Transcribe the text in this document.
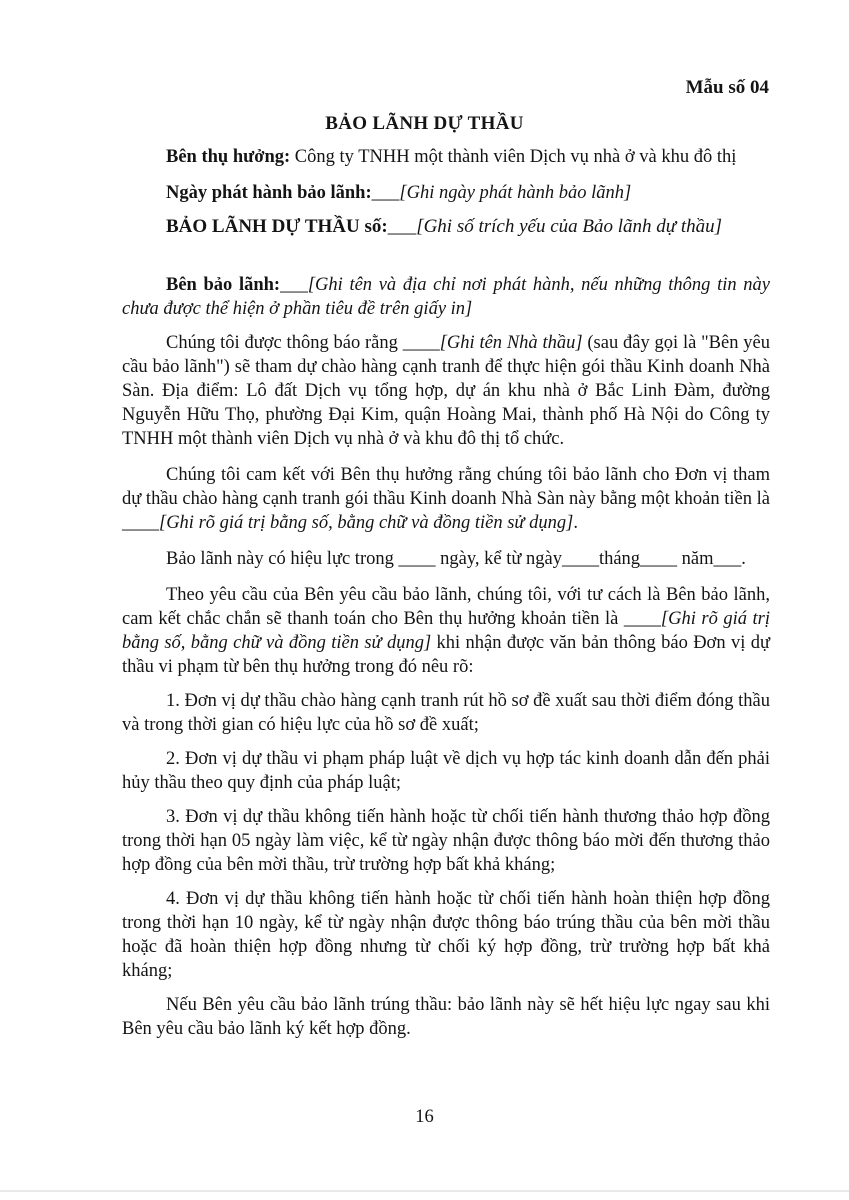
Mẫu số 04
BẢO LÃNH DỰ THẦU

Bên thụ hưởng: Công ty TNHH một thành viên Dịch vụ nhà ở và khu đô thị

Ngày phát hành bảo lãnh:___[Ghi ngày phát hành bảo lãnh]

BẢO LÃNH DỰ THẦU số:___[Ghi số trích yếu của Bảo lãnh dự thầu]

Bên bảo lãnh:___[Ghi tên và địa chỉ nơi phát hành, nếu những thông tin này chưa được thể hiện ở phần tiêu đề trên giấy in]

Chúng tôi được thông báo rằng ____[Ghi tên Nhà thầu] (sau đây gọi là "Bên yêu cầu bảo lãnh") sẽ tham dự chào hàng cạnh tranh để thực hiện gói thầu Kinh doanh Nhà Sàn. Địa điểm: Lô đất Dịch vụ tổng hợp, dự án khu nhà ở Bắc Linh Đàm, đường Nguyễn Hữu Thọ, phường Đại Kim, quận Hoàng Mai, thành phố Hà Nội do Công ty TNHH một thành viên Dịch vụ nhà ở và khu đô thị tổ chức.

Chúng tôi cam kết với Bên thụ hưởng rằng chúng tôi bảo lãnh cho Đơn vị tham dự thầu chào hàng cạnh tranh gói thầu Kinh doanh Nhà Sàn này bằng một khoản tiền là ____[Ghi rõ giá trị bằng số, bằng chữ và đồng tiền sử dụng].

Bảo lãnh này có hiệu lực trong ____ ngày, kể từ ngày____tháng____ năm___.

Theo yêu cầu của Bên yêu cầu bảo lãnh, chúng tôi, với tư cách là Bên bảo lãnh, cam kết chắc chắn sẽ thanh toán cho Bên thụ hưởng khoản tiền là ____[Ghi rõ giá trị bằng số, bằng chữ và đồng tiền sử dụng] khi nhận được văn bản thông báo Đơn vị dự thầu vi phạm từ bên thụ hưởng trong đó nêu rõ:

1. Đơn vị dự thầu chào hàng cạnh tranh rút hồ sơ đề xuất sau thời điểm đóng thầu và trong thời gian có hiệu lực của hồ sơ đề xuất;

2. Đơn vị dự thầu vi phạm pháp luật về dịch vụ hợp tác kinh doanh dẫn đến phải hủy thầu theo quy định của pháp luật;

3. Đơn vị dự thầu không tiến hành hoặc từ chối tiến hành thương thảo hợp đồng trong thời hạn 05 ngày làm việc, kể từ ngày nhận được thông báo mời đến thương thảo hợp đồng của bên mời thầu, trừ trường hợp bất khả kháng;

4. Đơn vị dự thầu không tiến hành hoặc từ chối tiến hành hoàn thiện hợp đồng trong thời hạn 10 ngày, kể từ ngày nhận được thông báo trúng thầu của bên mời thầu hoặc đã hoàn thiện hợp đồng nhưng từ chối ký hợp đồng, trừ trường hợp bất khả kháng;

Nếu Bên yêu cầu bảo lãnh trúng thầu: bảo lãnh này sẽ hết hiệu lực ngay sau khi Bên yêu cầu bảo lãnh ký kết hợp đồng.

16
